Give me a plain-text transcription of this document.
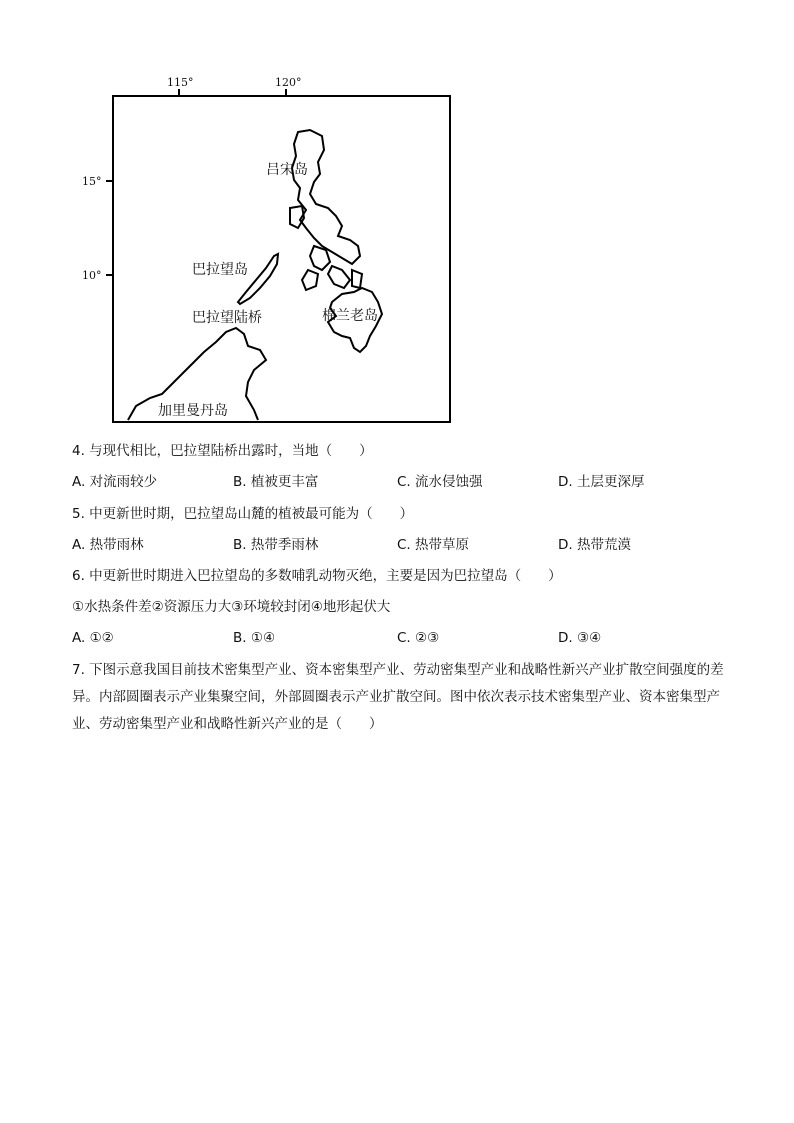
115°	120°
15°
10°
吕宋岛
巴拉望岛
巴拉望陆桥	棉兰老岛
加里曼丹岛
4. 与现代相比，巴拉望陆桥出露时，当地（　　）
A. 对流雨较少	B. 植被更丰富	C. 流水侵蚀强	D. 土层更深厚
5. 中更新世时期，巴拉望岛山麓的植被最可能为（　　）
A. 热带雨林	B. 热带季雨林	C. 热带草原	D. 热带荒漠
6. 中更新世时期进入巴拉望岛的多数哺乳动物灭绝，主要是因为巴拉望岛（　　）
①水热条件差②资源压力大③环境较封闭④地形起伏大
A. ①②	B. ①④	C. ②③	D. ③④
7. 下图示意我国目前技术密集型产业、资本密集型产业、劳动密集型产业和战略性新兴产业扩散空间强度的差异。内部圆圈表示产业集聚空间，外部圆圈表示产业扩散空间。图中依次表示技术密集型产业、资本密集型产业、劳动密集型产业和战略性新兴产业的是（　　）
